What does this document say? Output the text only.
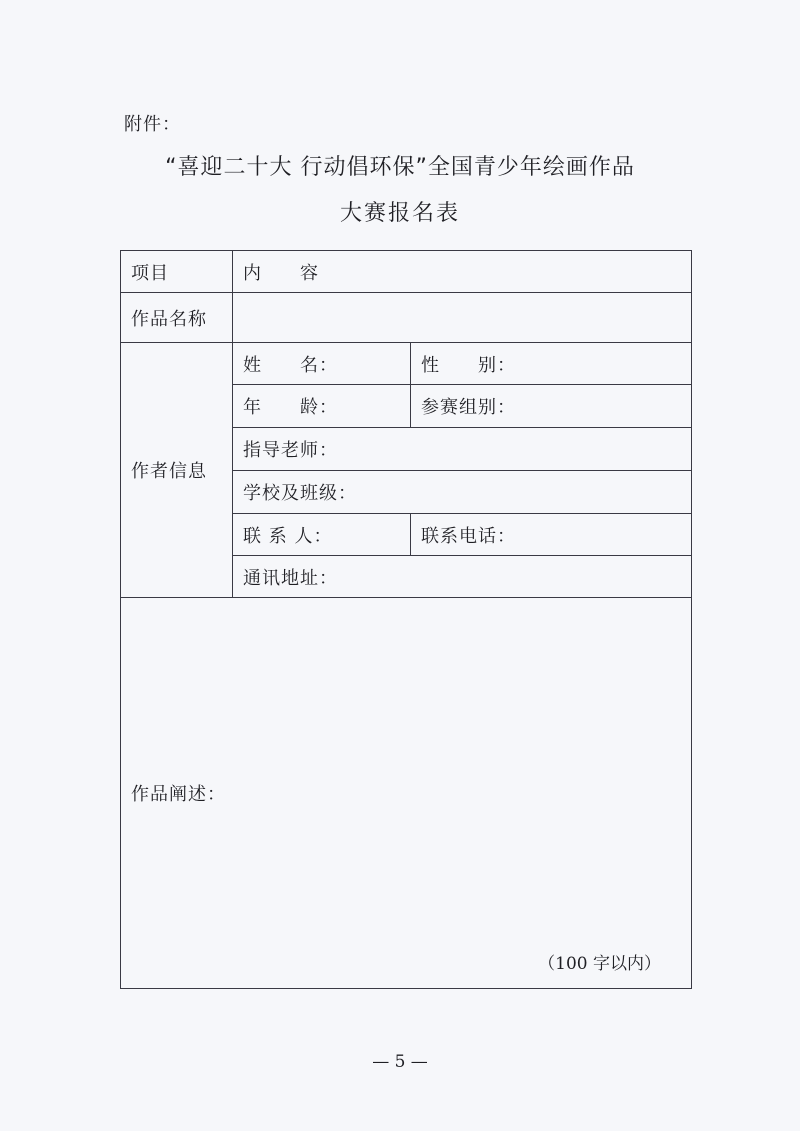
附件：
“喜迎二十大 行动倡环保”全国青少年绘画作品
大赛报名表
项目	内　　容	
作品名称		
作者信息	姓　　名：	性　　别：
	年　　龄：	参赛组别：
	指导老师：	
	学校及班级：	
	联 系 人：	联系电话：
	通讯地址：	
作品阐述：
（100 字以内）		
— 5 —
